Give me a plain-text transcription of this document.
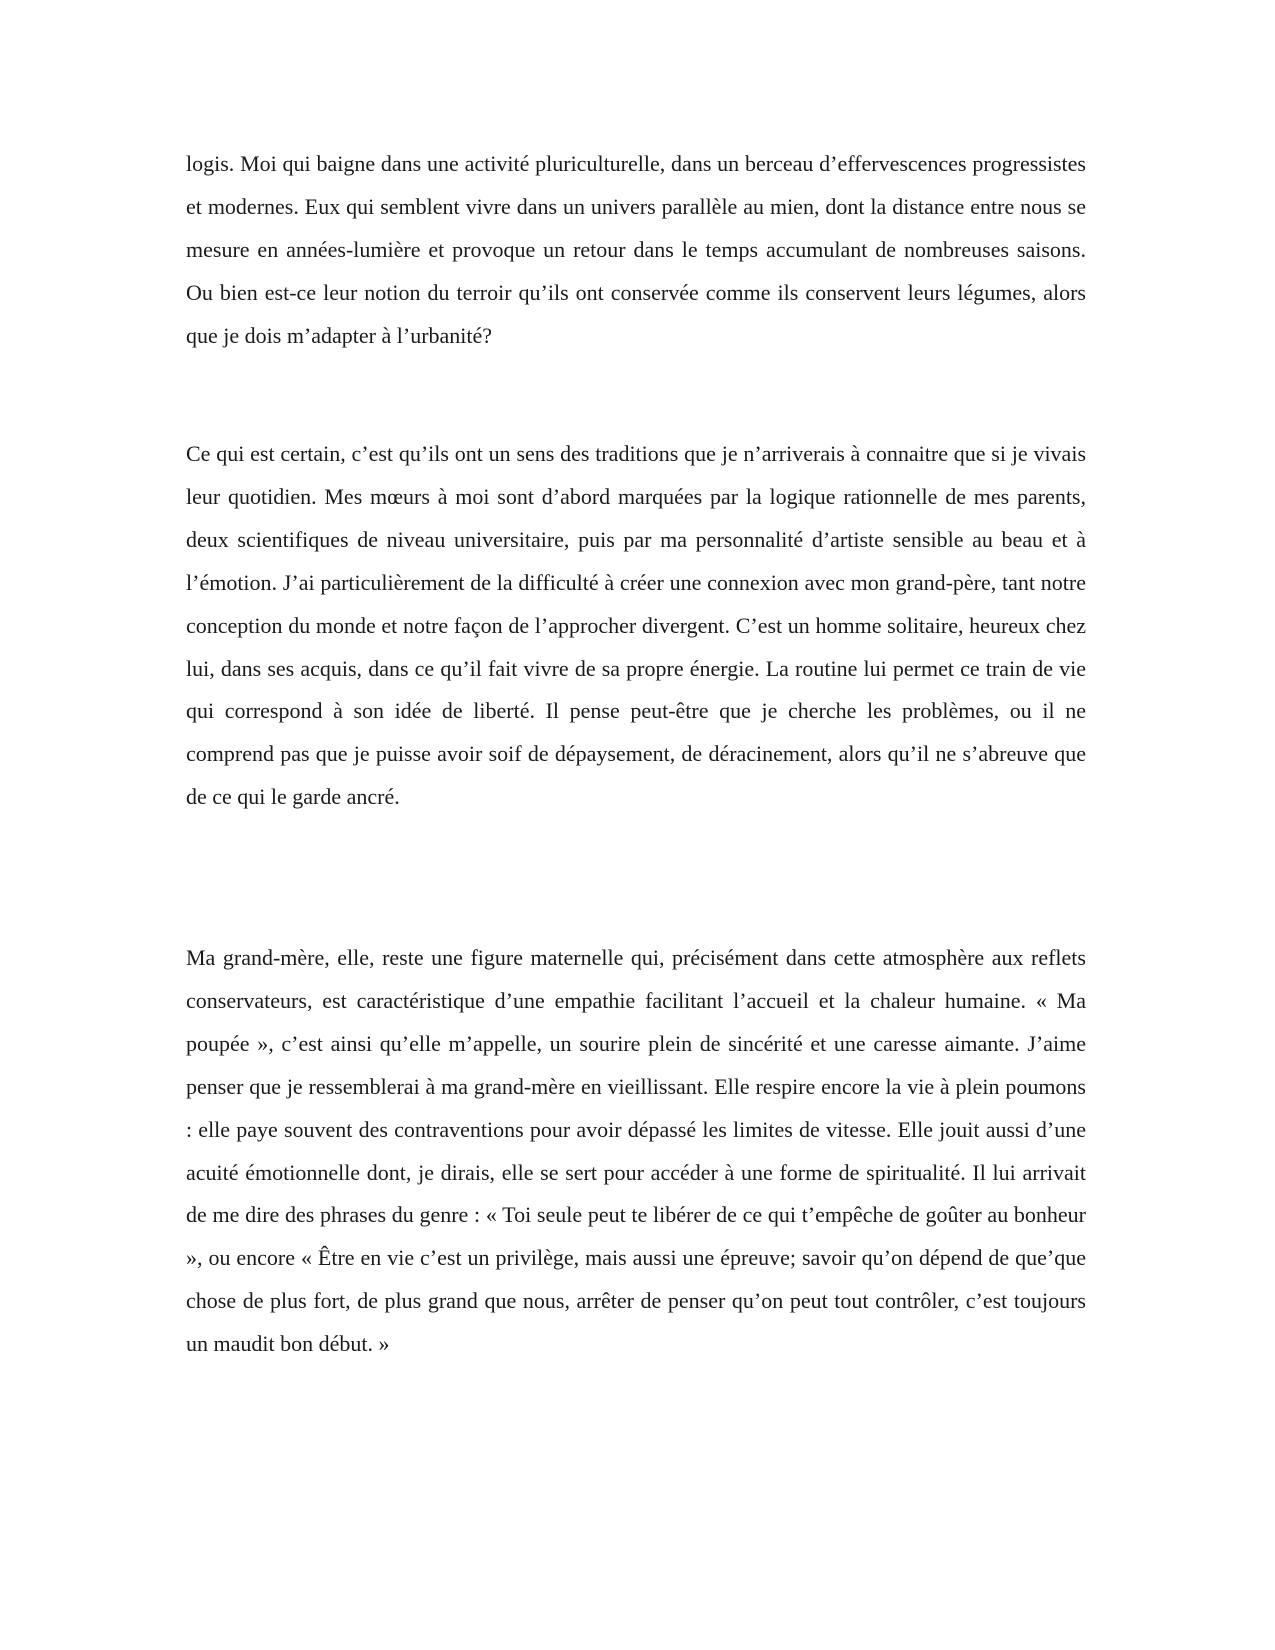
logis. Moi qui baigne dans une activité pluriculturelle, dans un berceau d’effervescences progressistes et modernes. Eux qui semblent vivre dans un univers parallèle au mien, dont la distance entre nous se mesure en années-lumière et provoque un retour dans le temps accumulant de nombreuses saisons. Ou bien est-ce leur notion du terroir qu’ils ont conservée comme ils conservent leurs légumes, alors que je dois m’adapter à l’urbanité?

Ce qui est certain, c’est qu’ils ont un sens des traditions que je n’arriverais à connaitre que si je vivais leur quotidien. Mes mœurs à moi sont d’abord marquées par la logique rationnelle de mes parents, deux scientifiques de niveau universitaire, puis par ma personnalité d’artiste sensible au beau et à l’émotion. J’ai particulièrement de la difficulté à créer une connexion avec mon grand-père, tant notre conception du monde et notre façon de l’approcher divergent. C’est un homme solitaire, heureux chez lui, dans ses acquis, dans ce qu’il fait vivre de sa propre énergie. La routine lui permet ce train de vie qui correspond à son idée de liberté. Il pense peut-être que je cherche les problèmes, ou il ne comprend pas que je puisse avoir soif de dépaysement, de déracinement, alors qu’il ne s’abreuve que de ce qui le garde ancré.

Ma grand-mère, elle, reste une figure maternelle qui, précisément dans cette atmosphère aux reflets conservateurs, est caractéristique d’une empathie facilitant l’accueil et la chaleur humaine. « Ma poupée », c’est ainsi qu’elle m’appelle, un sourire plein de sincérité et une caresse aimante. J’aime penser que je ressemblerai à ma grand-mère en vieillissant. Elle respire encore la vie à plein poumons : elle paye souvent des contraventions pour avoir dépassé les limites de vitesse. Elle jouit aussi d’une acuité émotionnelle dont, je dirais, elle se sert pour accéder à une forme de spiritualité. Il lui arrivait de me dire des phrases du genre : « Toi seule peut te libérer de ce qui t’empêche de goûter au bonheur », ou encore « Être en vie c’est un privilège, mais aussi une épreuve; savoir qu’on dépend de que’que chose de plus fort, de plus grand que nous, arrêter de penser qu’on peut tout contrôler, c’est toujours un maudit bon début. »
